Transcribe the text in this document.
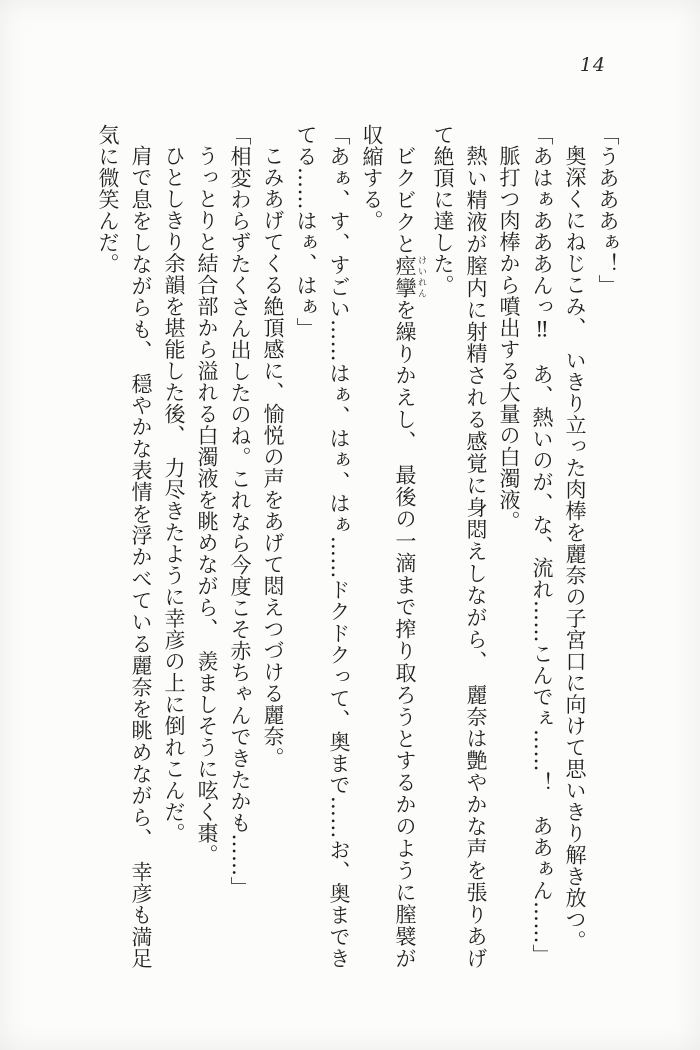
14

「うあああぁ！」

奥深くにねじこみ、　いきり立った肉棒を麗奈の子宮口に向けて思いきり解き放つ。

「あはぁあああんっ‼　あ、熱いのが、な、流れ……こんでぇ……！　ああぁん……」

脈打つ肉棒から噴出する大量の白濁液。

熱い精液が膣内に射精される感覚に身悶えしながら、　麗奈は艶やかな声を張りあげて絶頂に達した。

ビクビクと痙攣 けいれんを繰りかえし、　最後の一滴まで搾り取ろうとするかのように膣襞が収縮する。

「あぁ、す、すごい……はぁ、はぁ、はぁ……ドクドクって、奥まで……お、奥まできてる……はぁ、はぁ」

こみあげてくる絶頂感に、愉悦の声をあげて悶えつづける麗奈。

「相変わらずたくさん出したのね。これなら今度こそ赤ちゃんできたかも……」

うっとりと結合部から溢れる白濁液を眺めながら、　羨ましそうに呟く棗。

ひとしきり余韻を堪能した後、　力尽きたように幸彦の上に倒れこんだ。

肩で息をしながらも、　穏やかな表情を浮かべている麗奈を眺めながら、　幸彦も満足気に微笑んだ。
